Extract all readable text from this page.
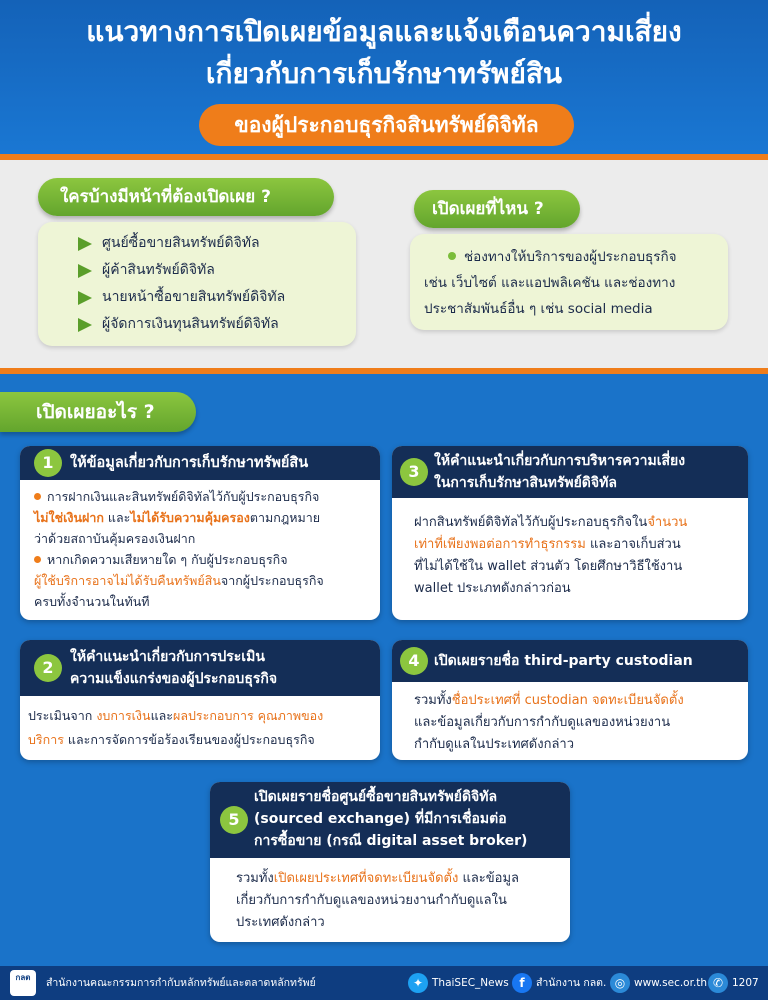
แนวทางการเปิดเผยข้อมูลและแจ้งเตือนความเสี่ยง
เกี่ยวกับการเก็บรักษาทรัพย์สิน
ของผู้ประกอบธุรกิจสินทรัพย์ดิจิทัล
ใครบ้างมีหน้าที่ต้องเปิดเผย ?
ศูนย์ซื้อขายสินทรัพย์ดิจิทัล
ผู้ค้าสินทรัพย์ดิจิทัล
นายหน้าซื้อขายสินทรัพย์ดิจิทัล
ผู้จัดการเงินทุนสินทรัพย์ดิจิทัล
เปิดเผยที่ไหน ?
ช่องทางให้บริการของผู้ประกอบธุรกิจ
เช่น เว็บไซต์ และแอปพลิเคชัน และช่องทาง
ประชาสัมพันธ์อื่น ๆ เช่น social media
เปิดเผยอะไร ?
1	ให้ข้อมูลเกี่ยวกับการเก็บรักษาทรัพย์สิน
การฝากเงินและสินทรัพย์ดิจิทัลไว้กับผู้ประกอบธุรกิจ
ไม่ใช่เงินฝาก และไม่ได้รับความคุ้มครองตามกฎหมาย
ว่าด้วยสถาบันคุ้มครองเงินฝาก
หากเกิดความเสียหายใด ๆ กับผู้ประกอบธุรกิจ
ผู้ใช้บริการอาจไม่ได้รับคืนทรัพย์สินจากผู้ประกอบธุรกิจ
ครบทั้งจำนวนในทันที
3
ให้คำแนะนำเกี่ยวกับการบริหารความเสี่ยง
ในการเก็บรักษาสินทรัพย์ดิจิทัล
ฝากสินทรัพย์ดิจิทัลไว้กับผู้ประกอบธุรกิจในจำนวน
เท่าที่เพียงพอต่อการทำธุรกรรม และอาจเก็บส่วน
ที่ไม่ได้ใช้ใน wallet ส่วนตัว โดยศึกษาวิธีใช้งาน
wallet ประเภทดังกล่าวก่อน
2
ให้คำแนะนำเกี่ยวกับการประเมิน
ความแข็งแกร่งของผู้ประกอบธุรกิจ
ประเมินจาก งบการเงินและผลประกอบการ คุณภาพของ
บริการ และการจัดการข้อร้องเรียนของผู้ประกอบธุรกิจ
4	เปิดเผยรายชื่อ third-party custodian
รวมทั้งชื่อประเทศที่ custodian จดทะเบียนจัดตั้ง
และข้อมูลเกี่ยวกับการกำกับดูแลของหน่วยงาน
กำกับดูแลในประเทศดังกล่าว
5
เปิดเผยรายชื่อศูนย์ซื้อขายสินทรัพย์ดิจิทัล
(sourced exchange) ที่มีการเชื่อมต่อ
การซื้อขาย (กรณี digital asset broker)
รวมทั้งเปิดเผยประเทศที่จดทะเบียนจัดตั้ง และข้อมูล
เกี่ยวกับการกำกับดูแลของหน่วยงานกำกับดูแลใน
ประเทศดังกล่าว
กลต	สำนักงานคณะกรรมการกำกับหลักทรัพย์และตลาดหลักทรัพย์	✦ ThaiSEC_News f	สำนักงาน กลต. ◎ www.sec.or.th ✆ 1207
